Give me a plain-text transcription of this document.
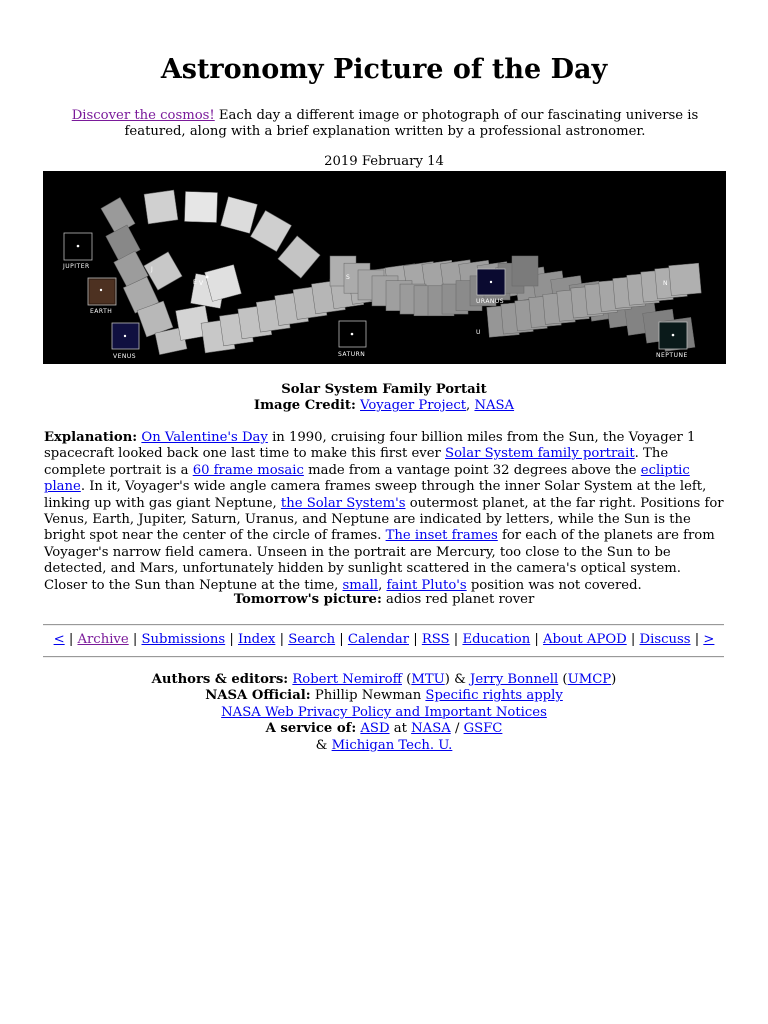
Astronomy Picture of the Day
Discover the cosmos! Each day a different image or photograph of our fascinating universe is featured, along with a brief explanation written by a professional astronomer.
2019 February 14
JUPITER
EARTH
VENUS	SATURN
URANUS
NEPTUNE
J
E V
S
U
N
Solar System Family Portait
Image Credit: Voyager Project, NASA
Explanation: On Valentine's Day in 1990, cruising four billion miles from the Sun, the Voyager 1 spacecraft looked back one last time to make this first ever Solar System family portrait. The complete portrait is a 60 frame mosaic made from a vantage point 32 degrees above the ecliptic plane. In it, Voyager's wide angle camera frames sweep through the inner Solar System at the left, linking up with gas giant Neptune, the Solar System's outermost planet, at the far right. Positions for Venus, Earth, Jupiter, Saturn, Uranus, and Neptune are indicated by letters, while the Sun is the bright spot near the center of the circle of frames. The inset frames for each of the planets are from Voyager's narrow field camera. Unseen in the portrait are Mercury, too close to the Sun to be detected, and Mars, unfortunately hidden by sunlight scattered in the camera's optical system. Closer to the Sun than Neptune at the time, small, faint Pluto's position was not covered.
Tomorrow's picture: adios red planet rover
< | Archive | Submissions | Index | Search | Calendar | RSS | Education | About APOD | Discuss | >
Authors & editors: Robert Nemiroff (MTU) & Jerry Bonnell (UMCP)
NASA Official: Phillip Newman Specific rights apply
NASA Web Privacy Policy and Important Notices
A service of: ASD at NASA / GSFC
& Michigan Tech. U.
